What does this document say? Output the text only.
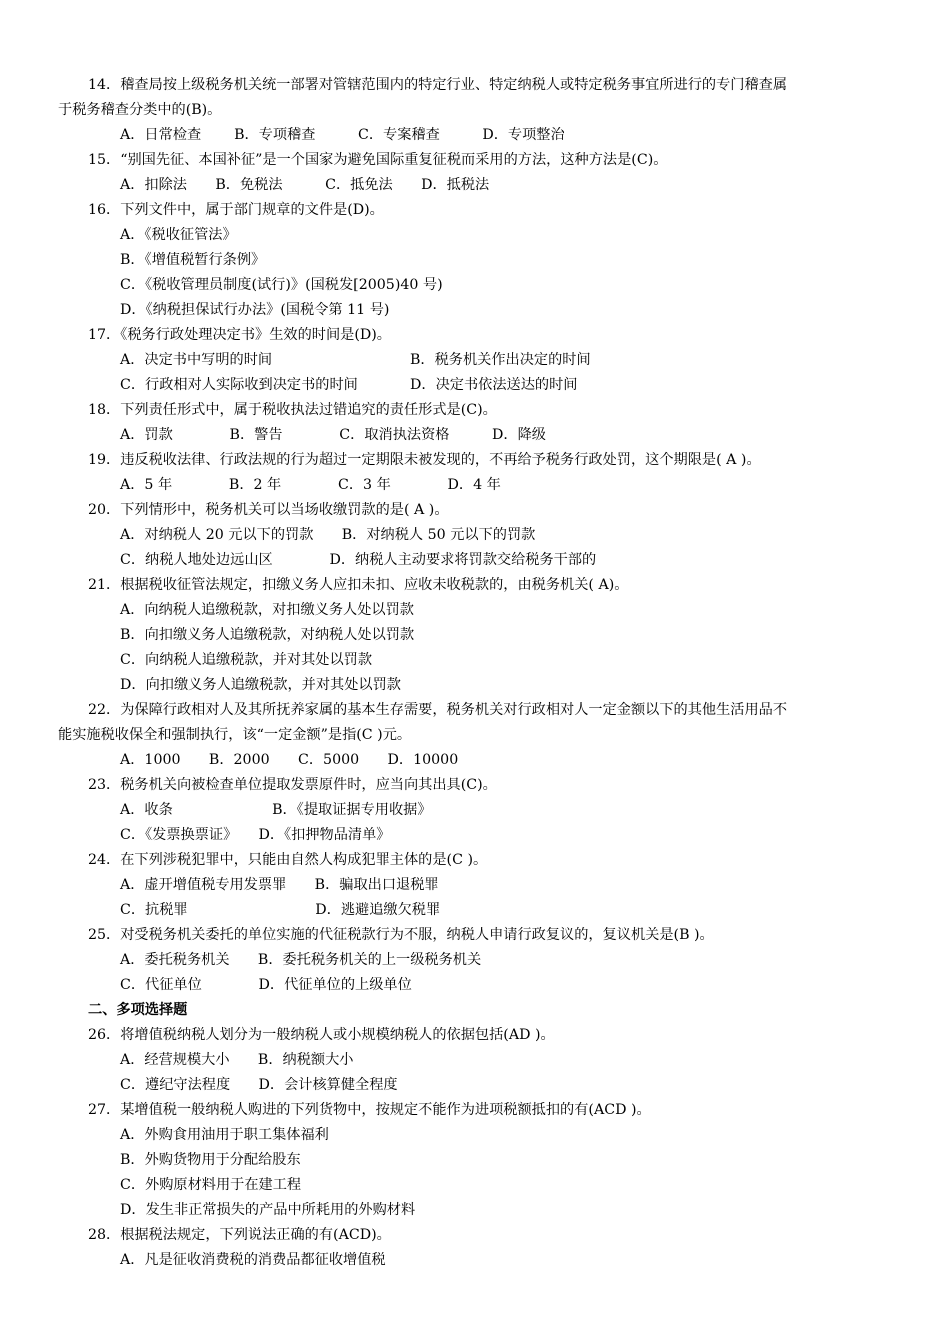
14．稽查局按上级税务机关统一部署对管辖范围内的特定行业、特定纳税人或特定税务事宜所进行的专门稽查属
于税务稽查分类中的(B)。
A．日常检查　　 B．专项稽查　　　C．专案稽查　　　D．专项整治
15．“别国先征、本国补征”是一个国家为避免国际重复征税而采用的方法，这种方法是(C)。
A．扣除法　　B．免税法　　　C．抵免法　　D．抵税法
16．下列文件中，属于部门规章的文件是(D)。
A．《税收征管法》
B．《增值税暂行条例》
C．《税收管理员制度(试行)》(国税发[2005)40 号)
D．《纳税担保试行办法》(国税令第 11 号)
17．《税务行政处理决定书》生效的时间是(D)。
A．决定书中写明的时间	B．税务机关作出决定的时间
C．行政相对人实际收到决定书的时间	D．决定书依法送达的时间
18．下列责任形式中，属于税收执法过错追究的责任形式是(C)。
A．罚款　　　　B．警告　　　　C．取消执法资格　　　D．降级
19．违反税收法律、行政法规的行为超过一定期限未被发现的，不再给予税务行政处罚，这个期限是( A )。
A．5 年　　　　B．2 年　　　　C．3 年　　　　D．4 年
20．下列情形中，税务机关可以当场收缴罚款的是( A )。
A．对纳税人 20 元以下的罚款　　B．对纳税人 50 元以下的罚款
C．纳税人地处边远山区　　　　D．纳税人主动要求将罚款交给税务干部的
21．根据税收征管法规定，扣缴义务人应扣未扣、应收未收税款的，由税务机关( A)。
A．向纳税人追缴税款，对扣缴义务人处以罚款
B．向扣缴义务人追缴税款，对纳税人处以罚款
C．向纳税人追缴税款，并对其处以罚款
D．向扣缴义务人追缴税款，并对其处以罚款
22．为保障行政相对人及其所抚养家属的基本生存需要，税务机关对行政相对人一定金额以下的其他生活用品不
能实施税收保全和强制执行，该“一定金额”是指(C )元。
A．1000　　B．2000　　C．5000　　D．10000
23．税务机关向被检查单位提取发票原件时，应当向其出具(C)。
A．收条　　　　　　　B．《提取证据专用收据》
C．《发票换票证》　　D．《扣押物品清单》
24．在下列涉税犯罪中，只能由自然人构成犯罪主体的是(C )。
A．虚开增值税专用发票罪　　B．骗取出口退税罪
C．抗税罪　　　　　　　　　D．逃避追缴欠税罪
25．对受税务机关委托的单位实施的代征税款行为不服，纳税人申请行政复议的，复议机关是(B )。
A．委托税务机关　　B．委托税务机关的上一级税务机关
C．代征单位　　　　D．代征单位的上级单位
二、多项选择题
26．将增值税纳税人划分为一般纳税人或小规模纳税人的依据包括(AD )。
A．经营规模大小　　B．纳税额大小
C．遵纪守法程度　　D．会计核算健全程度
27．某增值税一般纳税人购进的下列货物中，按规定不能作为进项税额抵扣的有(ACD )。
A．外购食用油用于职工集体福利
B．外购货物用于分配给股东
C．外购原材料用于在建工程
D．发生非正常损失的产品中所耗用的外购材料
28．根据税法规定，下列说法正确的有(ACD)。
A．凡是征收消费税的消费品都征收增值税
